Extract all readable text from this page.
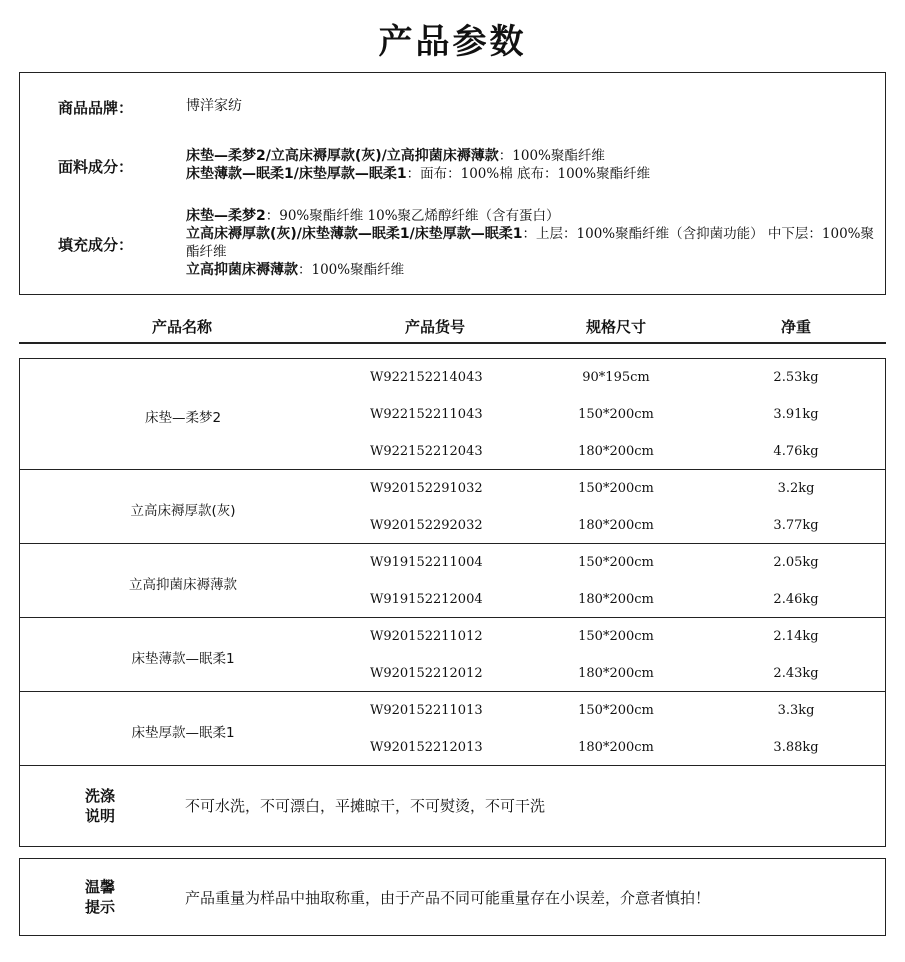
产品参数
商品品牌：	博洋家纺
面料成分：
床垫—柔梦2/立高床褥厚款(灰)/立高抑菌床褥薄款：100%聚酯纤维
床垫薄款—眠柔1/床垫厚款—眠柔1：面布：100%棉 底布：100%聚酯纤维
填充成分：
床垫—柔梦2：90%聚酯纤维 10%聚乙烯醇纤维（含有蛋白）
立高床褥厚款(灰)/床垫薄款—眠柔1/床垫厚款—眠柔1：上层：100%聚酯纤维（含抑菌功能） 中下层：100%聚酯纤维
立高抑菌床褥薄款：100%聚酯纤维
产品名称	产品货号	规格尺寸	净重
床垫—柔梦2
W922152214043	90*195cm	2.53kg
W922152211043	150*200cm	3.91kg
W922152212043	180*200cm	4.76kg
立高床褥厚款(灰)
W920152291032	150*200cm	3.2kg
W920152292032	180*200cm	3.77kg
立高抑菌床褥薄款
W919152211004	150*200cm	2.05kg
W919152212004	180*200cm	2.46kg
床垫薄款—眠柔1
W920152211012	150*200cm	2.14kg
W920152212012	180*200cm	2.43kg
床垫厚款—眠柔1
W920152211013	150*200cm	3.3kg
W920152212013	180*200cm	3.88kg
洗涤
说明
不可水洗，不可漂白，平摊晾干，不可熨烫，不可干洗
温馨
提示	产品重量为样品中抽取称重，由于产品不同可能重量存在小误差，介意者慎拍！
